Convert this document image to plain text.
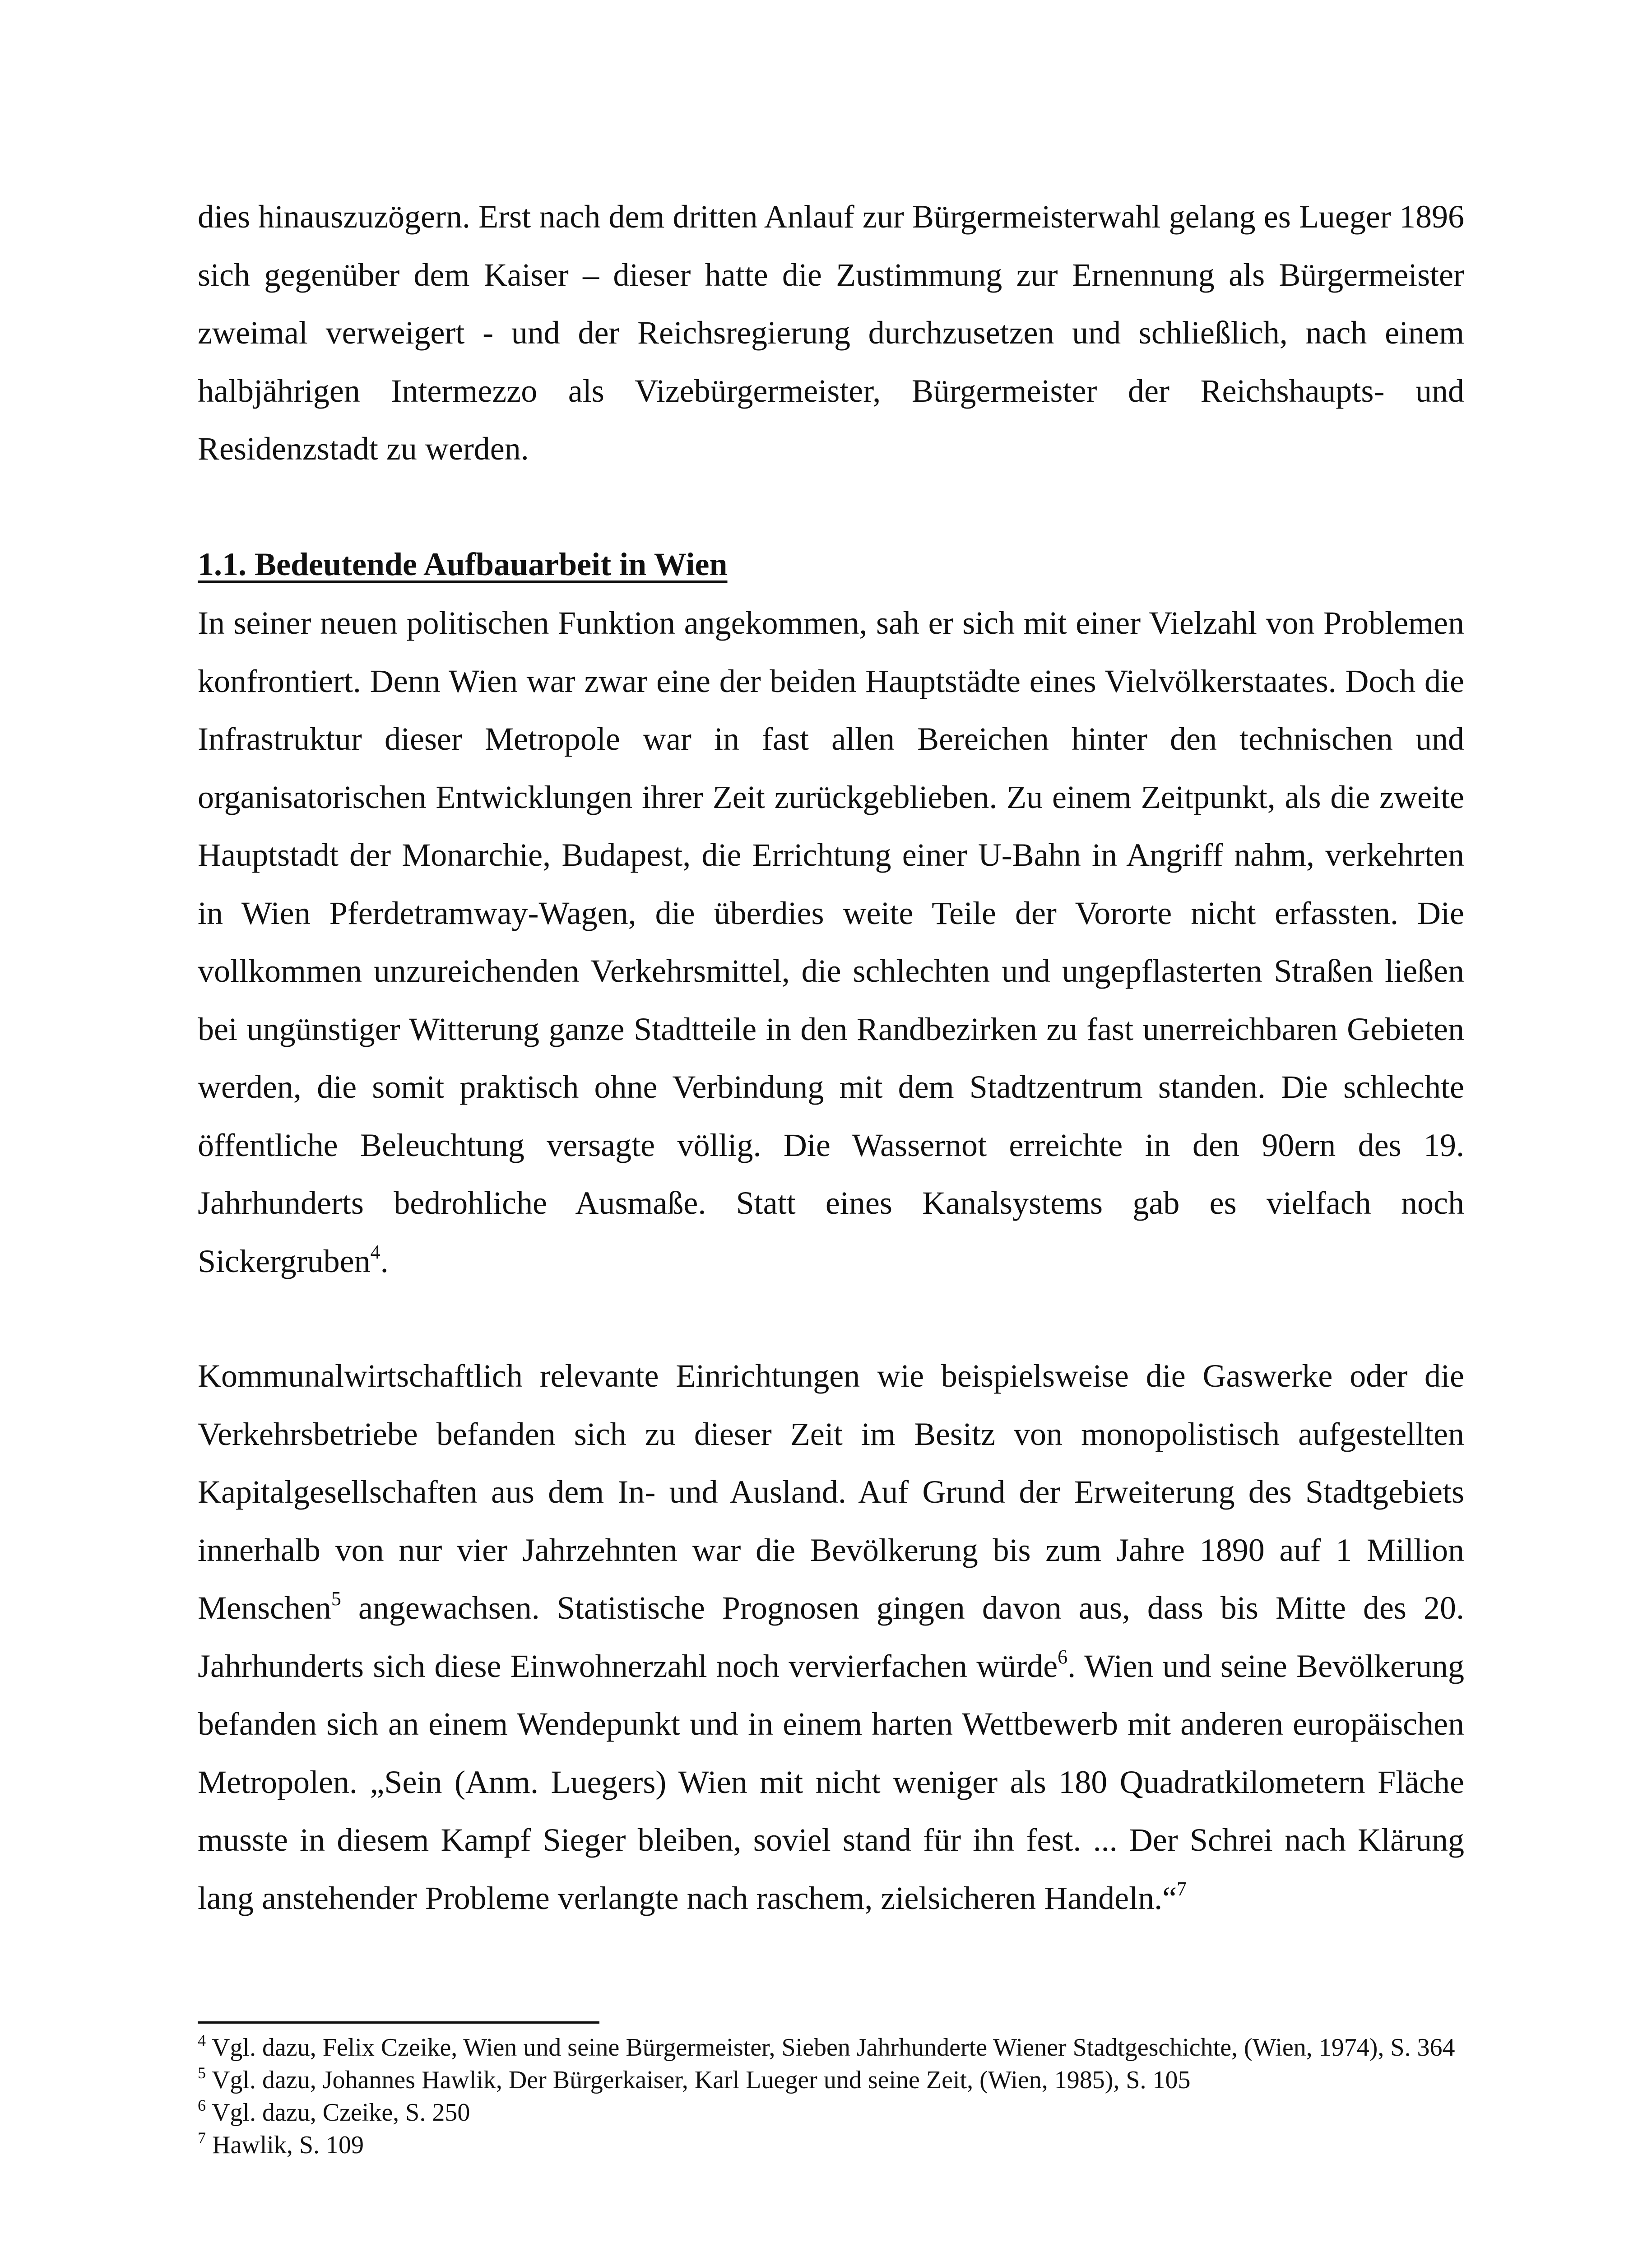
dies hinauszuzögern. Erst nach dem dritten Anlauf zur Bürgermeisterwahl gelang es Lueger 1896 sich gegenüber dem Kaiser – dieser hatte die Zustimmung zur Ernennung als Bürgermeister zweimal verweigert - und der Reichsregierung durchzusetzen und schließlich, nach einem halbjährigen Intermezzo als Vizebürgermeister, Bürgermeister der Reichshaupts- und Residenzstadt zu werden.

1.1. Bedeutende Aufbauarbeit in Wien

In seiner neuen politischen Funktion angekommen, sah er sich mit einer Vielzahl von Problemen konfrontiert. Denn Wien war zwar eine der beiden Hauptstädte eines Vielvölkerstaates. Doch die Infrastruktur dieser Metropole war in fast allen Bereichen hinter den technischen und organisatorischen Entwicklungen ihrer Zeit zurückgeblieben. Zu einem Zeitpunkt, als die zweite Hauptstadt der Monarchie, Budapest, die Errichtung einer U-Bahn in Angriff nahm, verkehrten in Wien Pferdetramway-Wagen, die überdies weite Teile der Vororte nicht erfassten. Die vollkommen unzureichenden Verkehrsmittel, die schlechten und ungepflasterten Straßen ließen bei ungünstiger Witterung ganze Stadtteile in den Randbezirken zu fast unerreichbaren Gebieten werden, die somit praktisch ohne Verbindung mit dem Stadtzentrum standen. Die schlechte öffentliche Beleuchtung versagte völlig. Die Wassernot erreichte in den 90ern des 19. Jahrhunderts bedrohliche Ausmaße. Statt eines Kanalsystems gab es vielfach noch Sickergruben$^4$.

Kommunalwirtschaftlich relevante Einrichtungen wie beispielsweise die Gaswerke oder die Verkehrsbetriebe befanden sich zu dieser Zeit im Besitz von monopolistisch aufgestellten Kapitalgesellschaften aus dem In- und Ausland. Auf Grund der Erweiterung des Stadtgebiets innerhalb von nur vier Jahrzehnten war die Bevölkerung bis zum Jahre 1890 auf 1 Million Menschen$^5$ angewachsen. Statistische Prognosen gingen davon aus, dass bis Mitte des 20. Jahrhunderts sich diese Einwohnerzahl noch vervierfachen würde$^6$. Wien und seine Bevölkerung befanden sich an einem Wendepunkt und in einem harten Wettbewerb mit anderen europäischen Metropolen. „Sein (Anm. Luegers) Wien mit nicht weniger als 180 Quadratkilometern Fläche musste in diesem Kampf Sieger bleiben, soviel stand für ihn fest. ... Der Schrei nach Klärung lang anstehender Probleme verlangte nach raschem, zielsicheren Handeln.“$^7$

$^4$ Vgl. dazu, Felix Czeike, Wien und seine Bürgermeister, Sieben Jahrhunderte Wiener Stadtgeschichte, (Wien, 1974), S. 364

$^5$ Vgl. dazu, Johannes Hawlik, Der Bürgerkaiser, Karl Lueger und seine Zeit, (Wien, 1985), S. 105

$^6$ Vgl. dazu, Czeike, S. 250

$^7$ Hawlik, S. 109
